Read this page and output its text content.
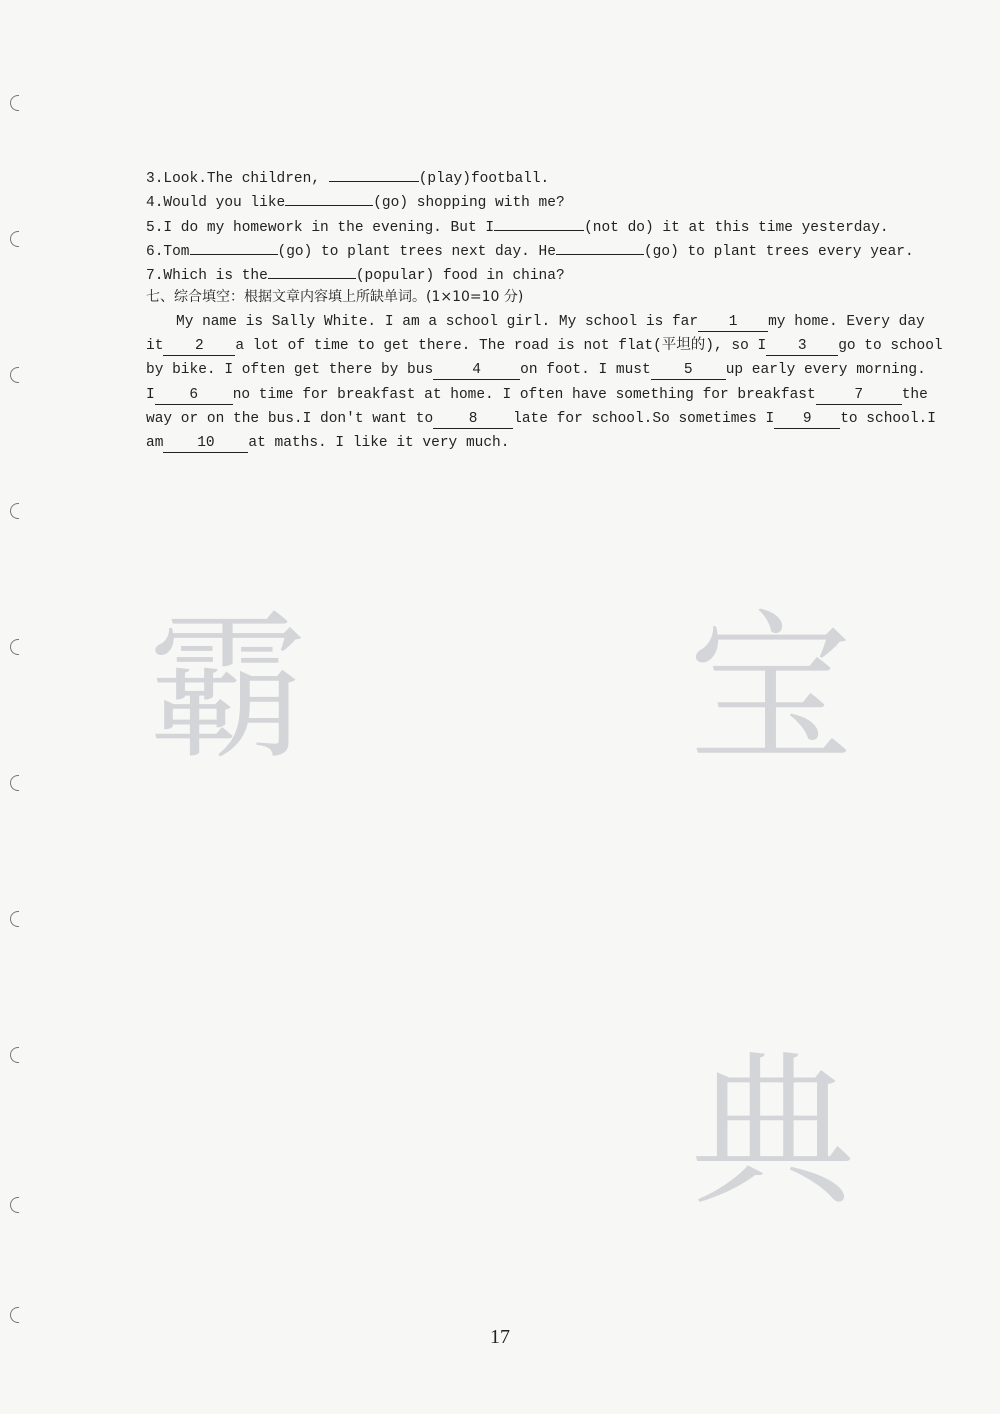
霸 宝
典
3.Look.The children,	(play)football.
4.Would you like	(go) shopping with me?
5.I do my homework in the evening. But I	(not do) it at this time yesterday.
6.Tom	(go) to plant trees next day. He	(go) to plant trees every year.
7.Which is the	(popular) food in china?
七、综合填空：根据文章内容填上所缺单词。(1×10=10 分)
My name is Sally White. I am a school girl. My school is far 1 my home. Every day
it 2 a lot of time to get there. The road is not flat(平坦的), so I 3 go to school
by bike. I often get there by bus	4	on foot. I must 5 up early every morning.
I 6 no time for breakfast at home. I often have something for breakfast	7	the
way or on the bus.I don't want to 8 late for school.So sometimes I 9 to school.I
am 10 at maths. I like it very much.
17
